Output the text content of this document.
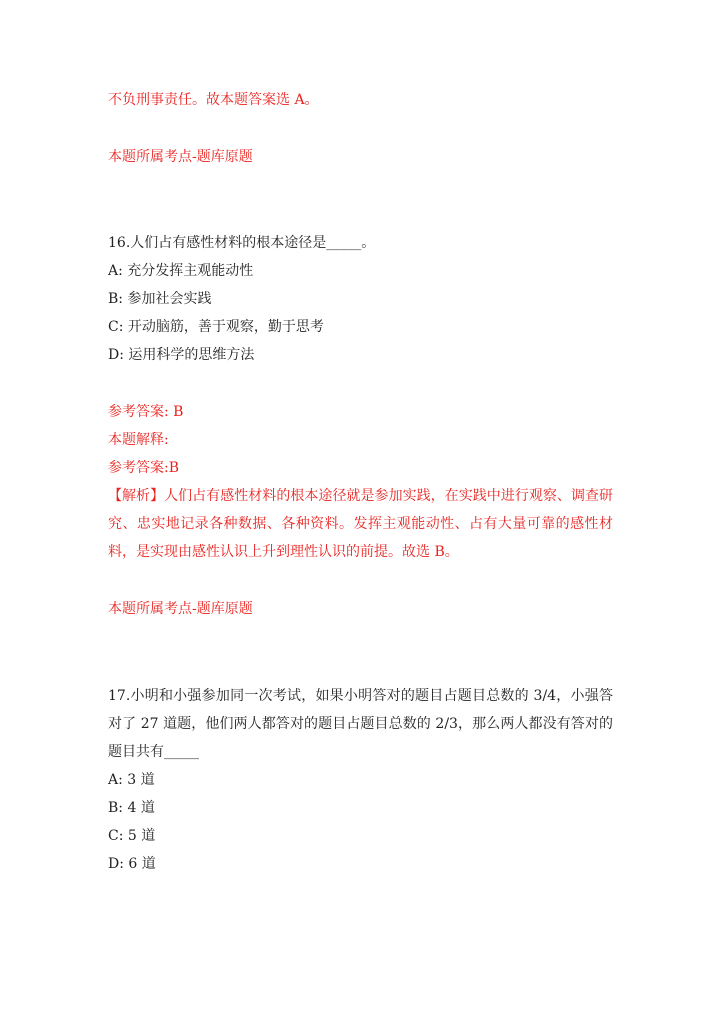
不负刑事责任。故本题答案选 A。
本题所属考点-题库原题
16.人们占有感性材料的根本途径是_____。
A: 充分发挥主观能动性
B: 参加社会实践
C: 开动脑筋，善于观察，勤于思考
D: 运用科学的思维方法
参考答案: B
本题解释:
参考答案:B
【解析】人们占有感性材料的根本途径就是参加实践，在实践中进行观察、调查研究、忠实地记录各种数据、各种资料。发挥主观能动性、占有大量可靠的感性材料，是实现由感性认识上升到理性认识的前提。故选 B。
本题所属考点-题库原题
17.小明和小强参加同一次考试，如果小明答对的题目占题目总数的 3/4，小强答对了 27 道题，他们两人都答对的题目占题目总数的 2/3，那么两人都没有答对的题目共有_____
A: 3 道
B: 4 道
C: 5 道
D: 6 道
